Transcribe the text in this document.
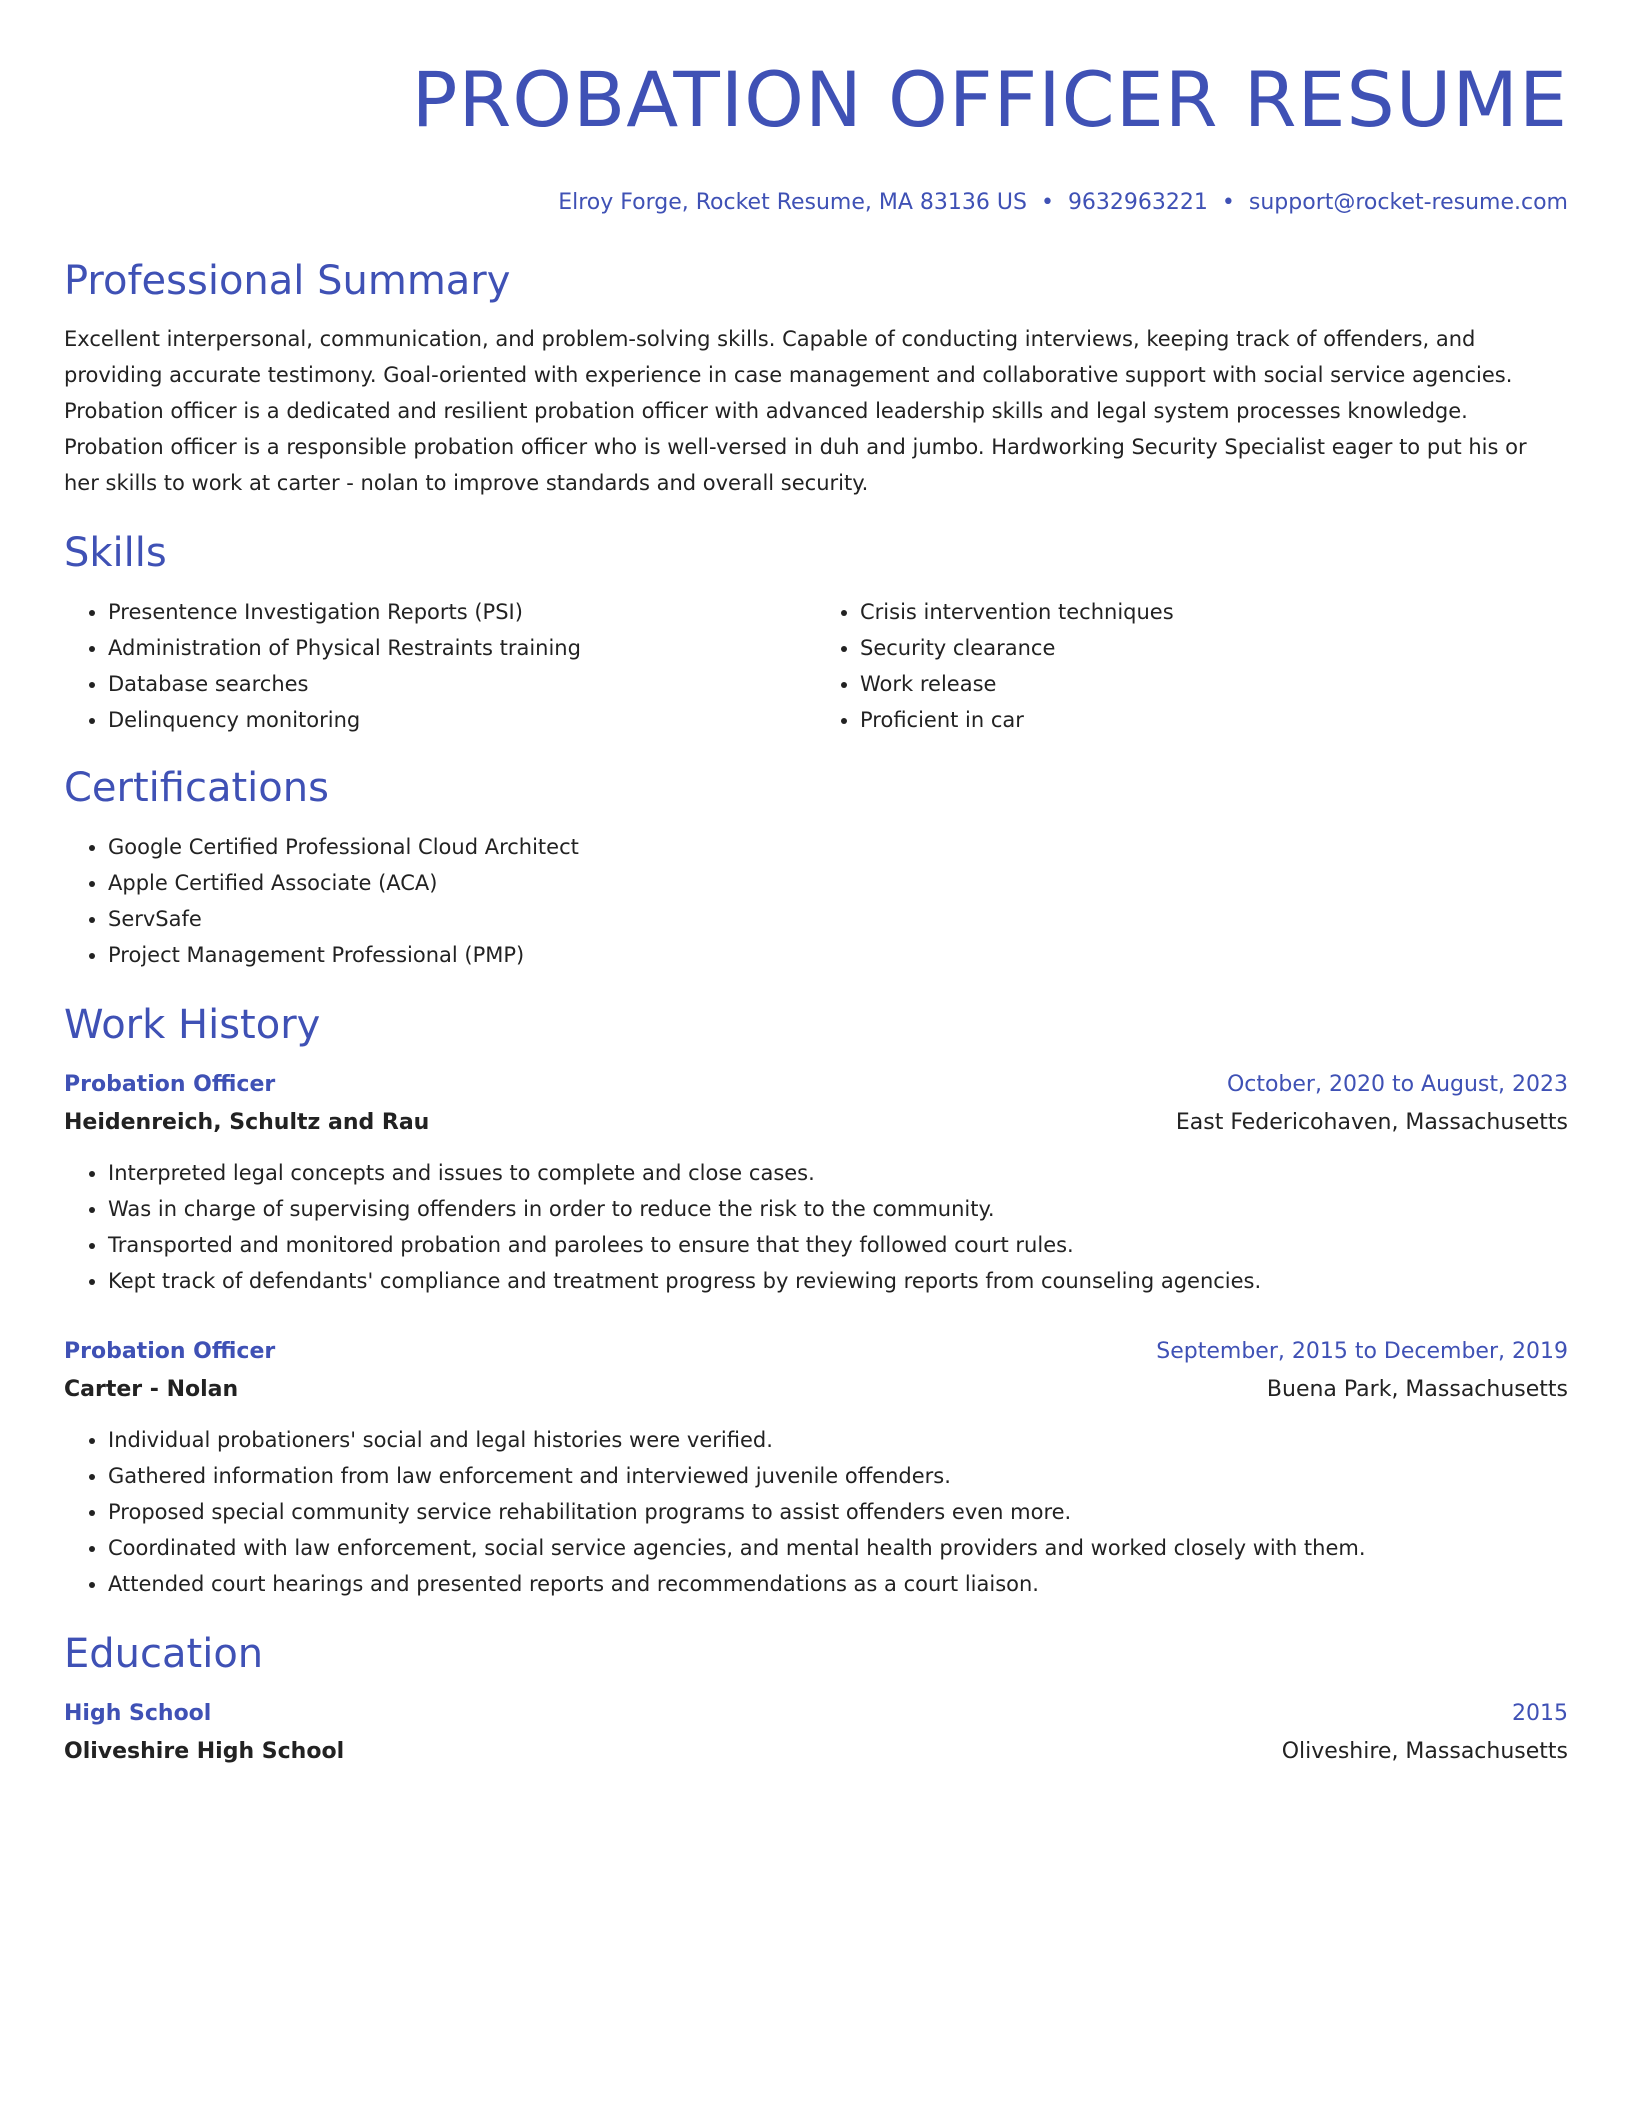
PROBATION OFFICER RESUME
Elroy Forge, Rocket Resume, MA 83136 US • 9632963221 • support@rocket-resume.com
Professional Summary

Excellent interpersonal, communication, and problem-solving skills. Capable of conducting interviews, keeping track of offenders, and providing accurate testimony. Goal-oriented with experience in case management and collaborative support with social service agencies. Probation officer is a dedicated and resilient probation officer with advanced leadership skills and legal system processes knowledge. Probation officer is a responsible probation officer who is well-versed in duh and jumbo. Hardworking Security Specialist eager to put his or her skills to work at carter - nolan to improve standards and overall security.

Skills
• Presentence Investigation Reports (PSI)
• Administration of Physical Restraints training
• Database searches
• Delinquency monitoring
• Crisis intervention techniques
• Security clearance
• Work release
• Proficient in car
Certifications
• Google Certified Professional Cloud Architect
• Apple Certified Associate (ACA)
• ServSafe
• Project Management Professional (PMP)
Work History
Probation Officer	October, 2020 to August, 2023
Heidenreich, Schultz and Rau	East Federicohaven, Massachusetts
• Interpreted legal concepts and issues to complete and close cases.
• Was in charge of supervising offenders in order to reduce the risk to the community.
• Transported and monitored probation and parolees to ensure that they followed court rules.
• Kept track of defendants' compliance and treatment progress by reviewing reports from counseling agencies.
Probation Officer	September, 2015 to December, 2019
Carter - Nolan	Buena Park, Massachusetts
• Individual probationers' social and legal histories were verified.
• Gathered information from law enforcement and interviewed juvenile offenders.
• Proposed special community service rehabilitation programs to assist offenders even more.
• Coordinated with law enforcement, social service agencies, and mental health providers and worked closely with them.
• Attended court hearings and presented reports and recommendations as a court liaison.
Education
High School	2015
Oliveshire High School	Oliveshire, Massachusetts
